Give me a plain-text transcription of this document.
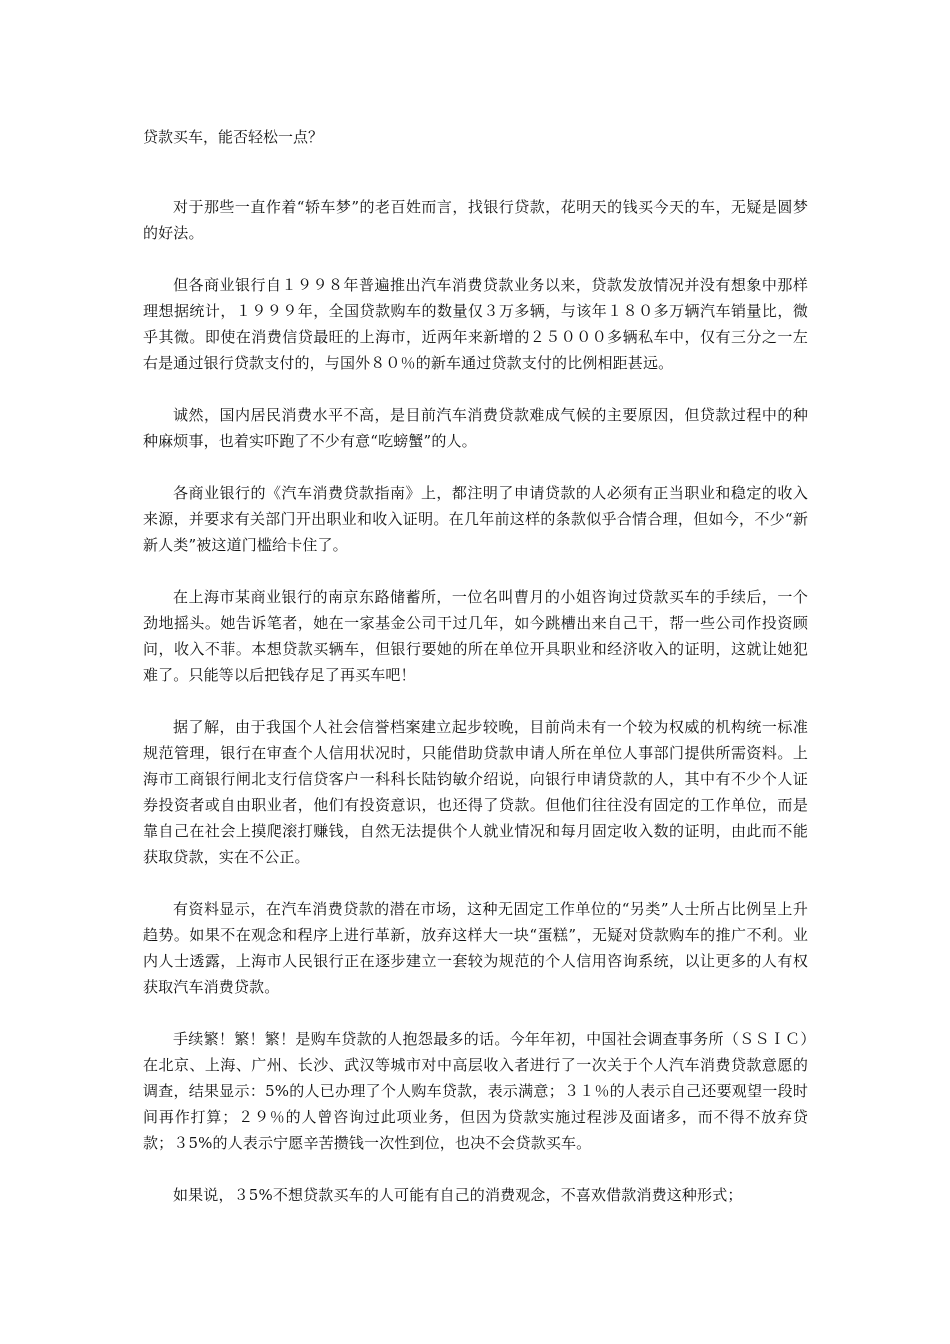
贷款买车，能否轻松一点？

对于那些一直作着“轿车梦”的老百姓而言，找银行贷款，花明天的钱买今天的车，无疑是圆梦的好法。

但各商业银行自１９９８年普遍推出汽车消费贷款业务以来，贷款发放情况并没有想象中那样理想据统计，１９９９年，全国贷款购车的数量仅３万多辆，与该年１８０多万辆汽车销量比，微乎其微。即使在消费信贷最旺的上海市，近两年来新增的２５０００多辆私车中，仅有三分之一左右是通过银行贷款支付的，与国外８０％的新车通过贷款支付的比例相距甚远。

诚然，国内居民消费水平不高，是目前汽车消费贷款难成气候的主要原因，但贷款过程中的种种麻烦事，也着实吓跑了不少有意“吃螃蟹”的人。

各商业银行的《汽车消费贷款指南》上，都注明了申请贷款的人必须有正当职业和稳定的收入来源，并要求有关部门开出职业和收入证明。在几年前这样的条款似乎合情合理，但如今，不少“新新人类”被这道门槛给卡住了。

在上海市某商业银行的南京东路储蓄所，一位名叫曹月的小姐咨询过贷款买车的手续后，一个劲地摇头。她告诉笔者，她在一家基金公司干过几年，如今跳槽出来自己干，帮一些公司作投资顾问，收入不菲。本想贷款买辆车，但银行要她的所在单位开具职业和经济收入的证明，这就让她犯难了。只能等以后把钱存足了再买车吧！

据了解，由于我国个人社会信誉档案建立起步较晚，目前尚未有一个较为权威的机构统一标准规范管理，银行在审查个人信用状况时，只能借助贷款申请人所在单位人事部门提供所需资料。上海市工商银行闸北支行信贷客户一科科长陆钧敏介绍说，向银行申请贷款的人，其中有不少个人证券投资者或自由职业者，他们有投资意识，也还得了贷款。但他们往往没有固定的工作单位，而是靠自己在社会上摸爬滚打赚钱，自然无法提供个人就业情况和每月固定收入数的证明，由此而不能获取贷款，实在不公正。

有资料显示，在汽车消费贷款的潜在市场，这种无固定工作单位的“另类”人士所占比例呈上升趋势。如果不在观念和程序上进行革新，放弃这样大一块“蛋糕”，无疑对贷款购车的推广不利。业内人士透露，上海市人民银行正在逐步建立一套较为规范的个人信用咨询系统，以让更多的人有权获取汽车消费贷款。

手续繁！繁！繁！是购车贷款的人抱怨最多的话。今年年初，中国社会调查事务所（ＳＳＩＣ）在北京、上海、广州、长沙、武汉等城市对中高层收入者进行了一次关于个人汽车消费贷款意愿的调查，结果显示：5%的人已办理了个人购车贷款，表示满意；３１％的人表示自己还要观望一段时间再作打算；２９％的人曾咨询过此项业务，但因为贷款实施过程涉及面诸多，而不得不放弃贷款；３5%的人表示宁愿辛苦攒钱一次性到位，也决不会贷款买车。

如果说，３5%不想贷款买车的人可能有自己的消费观念，不喜欢借款消费这种形式；
